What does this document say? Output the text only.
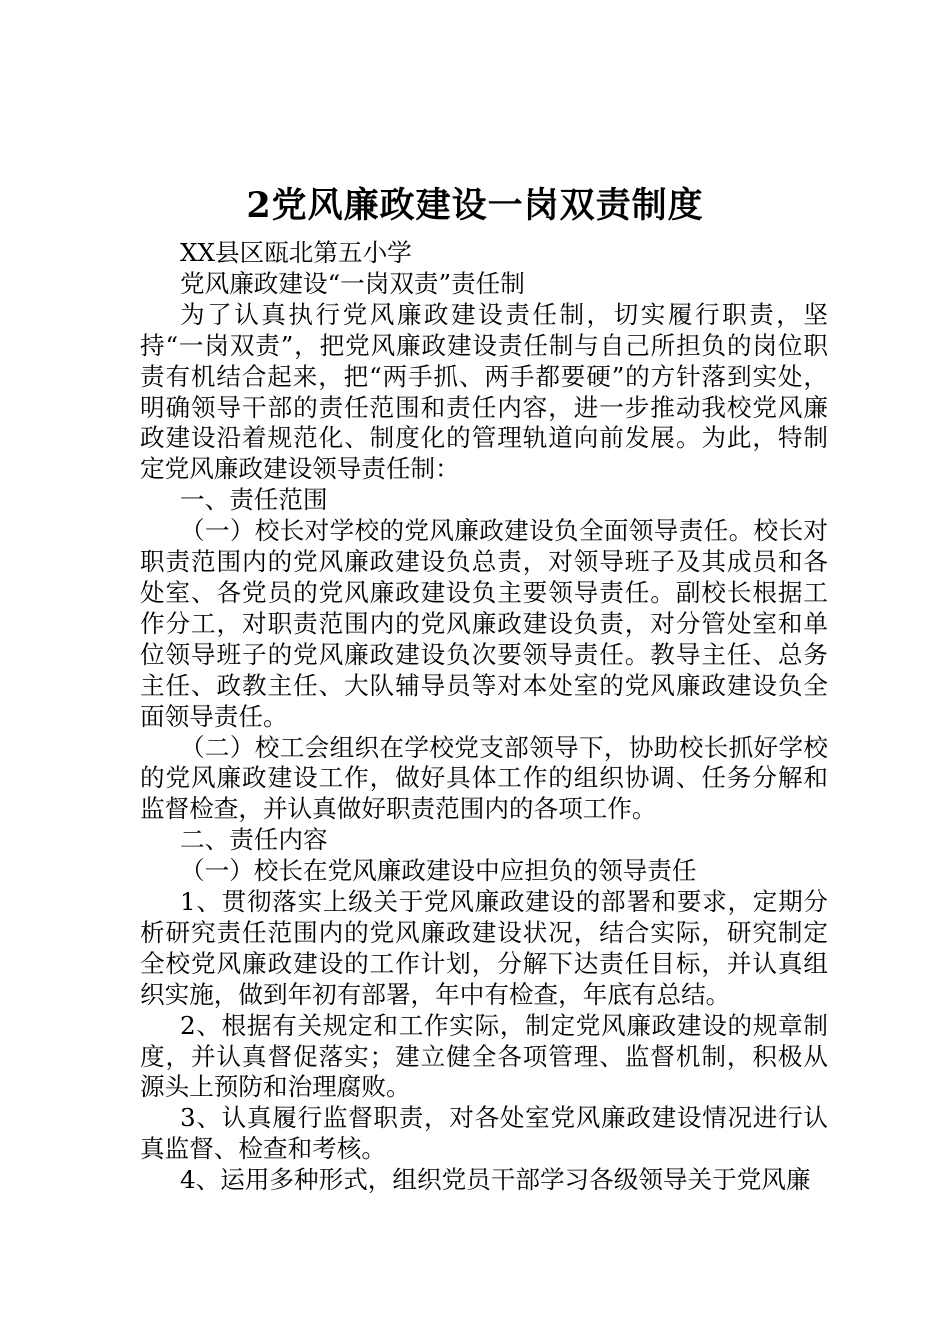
2党风廉政建设一岗双责制度

XX县区瓯北第五小学

党风廉政建设“一岗双责”责任制

为了认真执行党风廉政建设责任制，切实履行职责，坚持“一岗双责”，把党风廉政建设责任制与自己所担负的岗位职责有机结合起来，把“两手抓、两手都要硬”的方针落到实处，明确领导干部的责任范围和责任内容，进一步推动我校党风廉政建设沿着规范化、制度化的管理轨道向前发展。为此，特制定党风廉政建设领导责任制：

一、责任范围

（一）校长对学校的党风廉政建设负全面领导责任。校长对职责范围内的党风廉政建设负总责，对领导班子及其成员和各处室、各党员的党风廉政建设负主要领导责任。副校长根据工作分工，对职责范围内的党风廉政建设负责，对分管处室和单位领导班子的党风廉政建设负次要领导责任。教导主任、总务主任、政教主任、大队辅导员等对本处室的党风廉政建设负全面领导责任。

（二）校工会组织在学校党支部领导下，协助校长抓好学校的党风廉政建设工作，做好具体工作的组织协调、任务分解和监督检查，并认真做好职责范围内的各项工作。

二、责任内容

（一）校长在党风廉政建设中应担负的领导责任

1、贯彻落实上级关于党风廉政建设的部署和要求，定期分析研究责任范围内的党风廉政建设状况，结合实际，研究制定全校党风廉政建设的工作计划，分解下达责任目标，并认真组织实施，做到年初有部署，年中有检查，年底有总结。

2、根据有关规定和工作实际，制定党风廉政建设的规章制度，并认真督促落实；建立健全各项管理、监督机制，积极从源头上预防和治理腐败。

3、认真履行监督职责，对各处室党风廉政建设情况进行认真监督、检查和考核。

4、运用多种形式，组织党员干部学习各级领导关于党风廉
